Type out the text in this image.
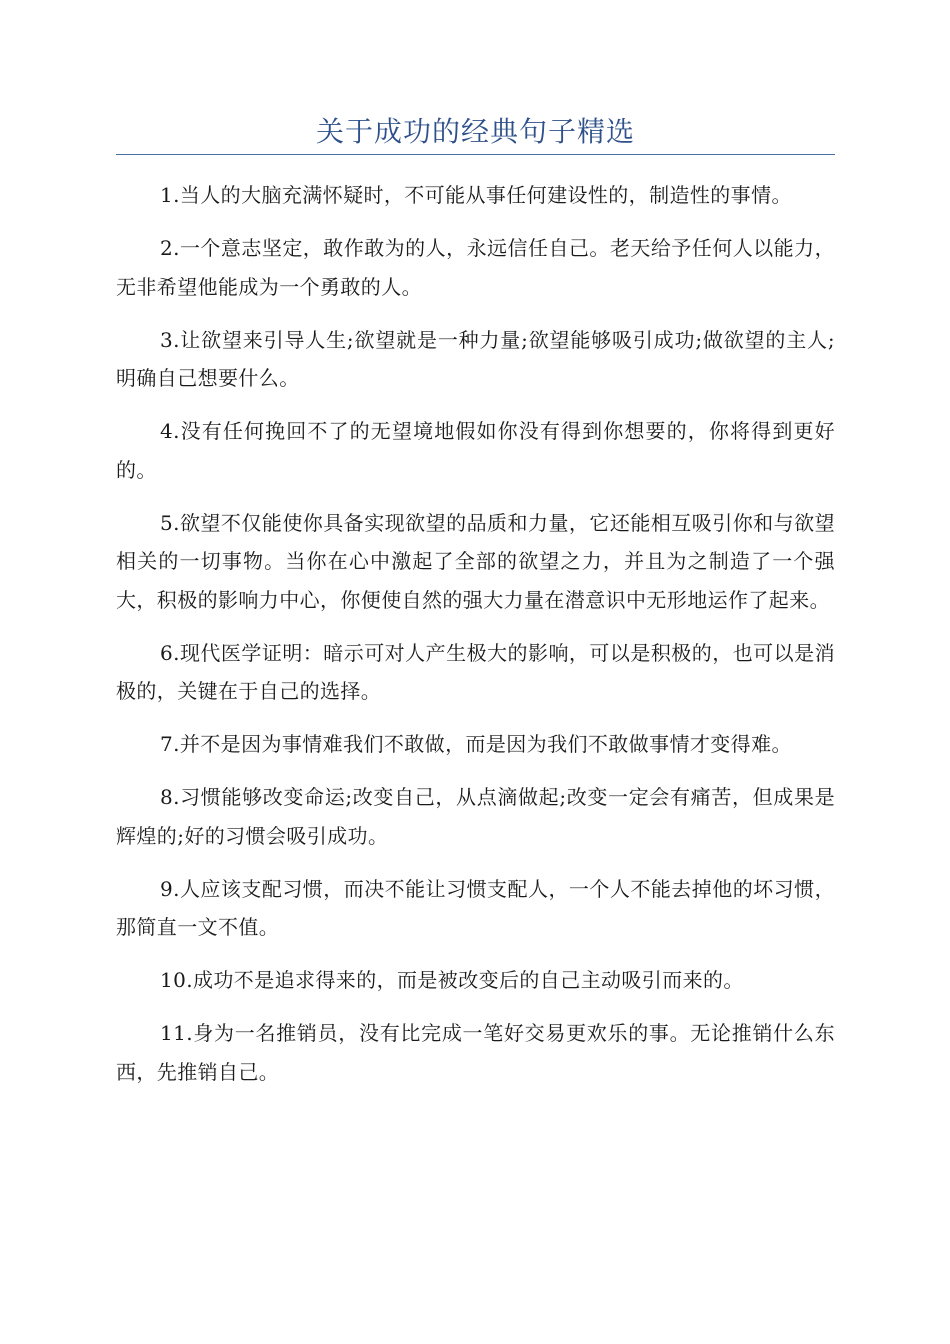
关于成功的经典句子精选

1.当人的大脑充满怀疑时，不可能从事任何建设性的，制造性的事情。

2.一个意志坚定，敢作敢为的人，永远信任自己。老天给予任何人以能力，无非希望他能成为一个勇敢的人。

3.让欲望来引导人生;欲望就是一种力量;欲望能够吸引成功;做欲望的主人;明确自己想要什么。

4.没有任何挽回不了的无望境地假如你没有得到你想要的，你将得到更好的。

5.欲望不仅能使你具备实现欲望的品质和力量，它还能相互吸引你和与欲望相关的一切事物。当你在心中激起了全部的欲望之力，并且为之制造了一个强大，积极的影响力中心，你便使自然的强大力量在潜意识中无形地运作了起来。

6.现代医学证明：暗示可对人产生极大的影响，可以是积极的，也可以是消极的，关键在于自己的选择。

7.并不是因为事情难我们不敢做，而是因为我们不敢做事情才变得难。

8.习惯能够改变命运;改变自己，从点滴做起;改变一定会有痛苦，但成果是辉煌的;好的习惯会吸引成功。

9.人应该支配习惯，而决不能让习惯支配人，一个人不能去掉他的坏习惯，那简直一文不值。

10.成功不是追求得来的，而是被改变后的自己主动吸引而来的。

11.身为一名推销员，没有比完成一笔好交易更欢乐的事。无论推销什么东西，先推销自己。
